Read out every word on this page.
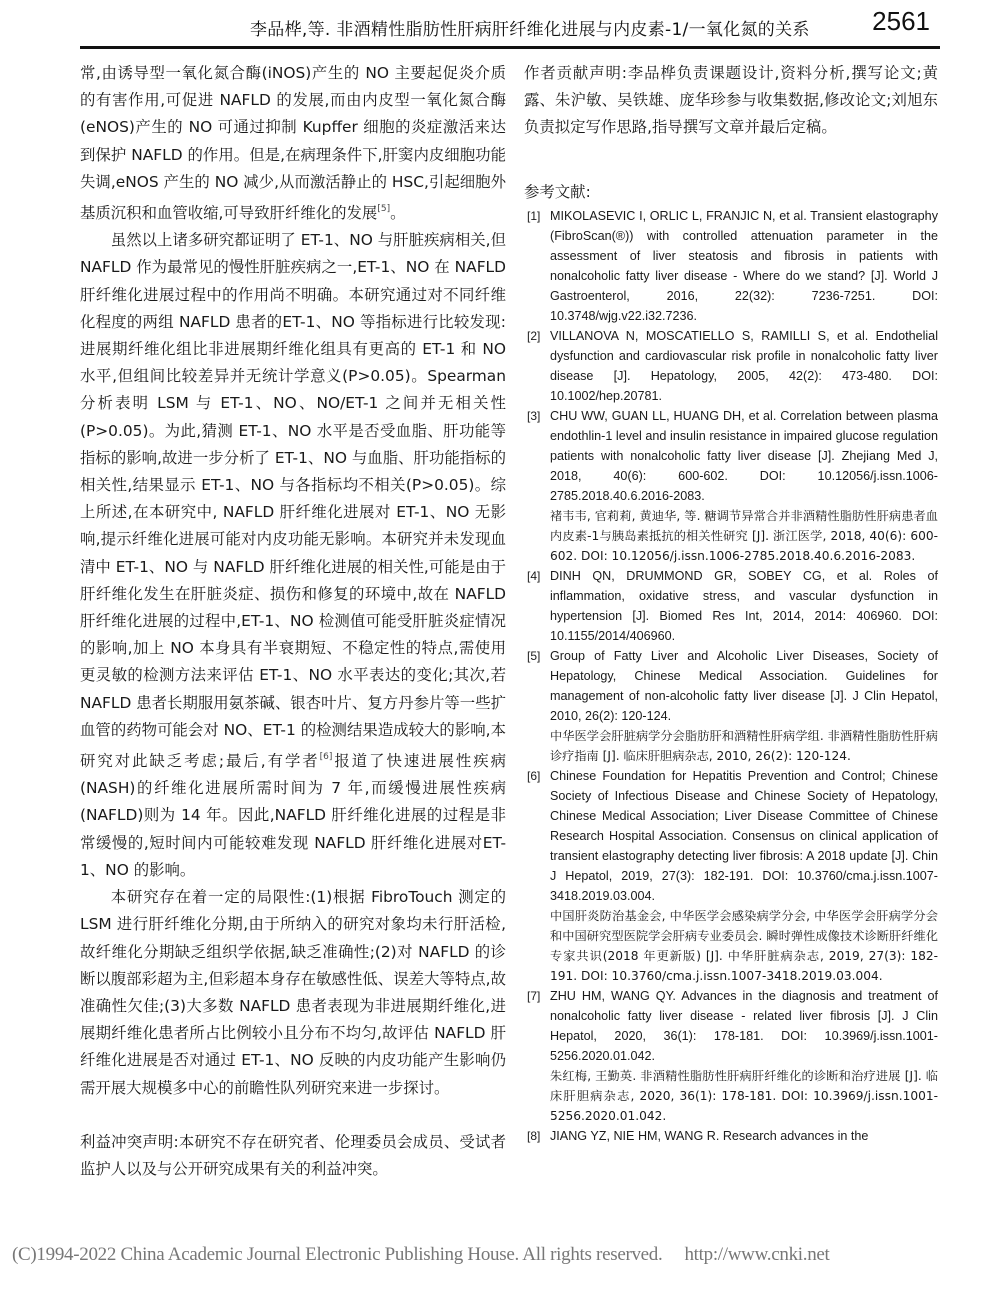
李品桦,等. 非酒精性脂肪性肝病肝纤维化进展与内皮素-1/一氧化氮的关系 2561

常,由诱导型一氧化氮合酶(iNOS)产生的 NO 主要起促炎介质的有害作用,可促进 NAFLD 的发展,而由内皮型一氧化氮合酶(eNOS)产生的 NO 可通过抑制 Kupffer 细胞的炎症激活来达到保护 NAFLD 的作用。但是,在病理条件下,肝窦内皮细胞功能失调,eNOS 产生的 NO 减少,从而激活静止的 HSC,引起细胞外基质沉积和血管收缩,可导致肝纤维化的发展[5]。

虽然以上诸多研究都证明了 ET-1、NO 与肝脏疾病相关,但 NAFLD 作为最常见的慢性肝脏疾病之一,ET-1、NO 在 NAFLD 肝纤维化进展过程中的作用尚不明确。本研究通过对不同纤维化程度的两组 NAFLD 患者的ET-1、NO 等指标进行比较发现:进展期纤维化组比非进展期纤维化组具有更高的 ET-1 和 NO 水平,但组间比较差异并无统计学意义(P>0.05)。Spearman 分析表明 LSM 与 ET-1、NO、NO/ET-1 之间并无相关性(P>0.05)。为此,猜测 ET-1、NO 水平是否受血脂、肝功能等指标的影响,故进一步分析了 ET-1、NO 与血脂、肝功能指标的相关性,结果显示 ET-1、NO 与各指标均不相关(P>0.05)。综上所述,在本研究中, NAFLD 肝纤维化进展对 ET-1、NO 无影响,提示纤维化进展可能对内皮功能无影响。本研究并未发现血清中 ET-1、NO 与 NAFLD 肝纤维化进展的相关性,可能是由于肝纤维化发生在肝脏炎症、损伤和修复的环境中,故在 NAFLD 肝纤维化进展的过程中,ET-1、NO 检测值可能受肝脏炎症情况的影响,加上 NO 本身具有半衰期短、不稳定性的特点,需使用更灵敏的检测方法来评估 ET-1、NO 水平表达的变化;其次,若 NAFLD 患者长期服用氨茶碱、银杏叶片、复方丹参片等一些扩血管的药物可能会对 NO、ET-1 的检测结果造成较大的影响,本研究对此缺乏考虑;最后,有学者[6]报道了快速进展性疾病(NASH)的纤维化进展所需时间为 7 年,而缓慢进展性疾病(NAFLD)则为 14 年。因此,NAFLD 肝纤维化进展的过程是非常缓慢的,短时间内可能较难发现 NAFLD 肝纤维化进展对ET-1、NO 的影响。

本研究存在着一定的局限性:(1)根据 FibroTouch 测定的 LSM 进行肝纤维化分期,由于所纳入的研究对象均未行肝活检,故纤维化分期缺乏组织学依据,缺乏准确性;(2)对 NAFLD 的诊断以腹部彩超为主,但彩超本身存在敏感性低、误差大等特点,故准确性欠佳;(3)大多数 NAFLD 患者表现为非进展期纤维化,进展期纤维化患者所占比例较小且分布不均匀,故评估 NAFLD 肝纤维化进展是否对通过 ET-1、NO 反映的内皮功能产生影响仍需开展大规模多中心的前瞻性队列研究来进一步探讨。

利益冲突声明:本研究不存在研究者、伦理委员会成员、受试者监护人以及与公开研究成果有关的利益冲突。

作者贡献声明:李品桦负责课题设计,资料分析,撰写论文;黄露、朱沪敏、吴铁雄、庞华珍参与收集数据,修改论文;刘旭东负责拟定写作思路,指导撰写文章并最后定稿。

参考文献:
[1] MIKOLASEVIC I, ORLIC L, FRANJIC N, et al. Transient elastography (FibroScan(®)) with controlled attenuation parameter in the assessment of liver steatosis and fibrosis in patients with nonalcoholic fatty liver disease - Where do we stand? [J]. World J Gastroenterol, 2016, 22(32): 7236-7251. DOI: 10.3748/wjg.v22.i32.7236.
[2] VILLANOVA N, MOSCATIELLO S, RAMILLI S, et al. Endothelial dysfunction and cardiovascular risk profile in nonalcoholic fatty liver disease [J]. Hepatology, 2005, 42(2): 473-480. DOI: 10.1002/hep.20781.
[3] CHU WW, GUAN LL, HUANG DH, et al. Correlation between plasma endothlin-1 level and insulin resistance in impaired glucose regulation patients with nonalcoholic fatty liver disease [J]. Zhejiang Med J, 2018, 40(6): 600-602. DOI: 10.12056/j.issn.1006-2785.2018.40.6.2016-2083.
褚韦韦, 官莉莉, 黄迪华, 等. 糖调节异常合并非酒精性脂肪性肝病患者血内皮素-1与胰岛素抵抗的相关性研究 [J]. 浙江医学, 2018, 40(6): 600-602. DOI: 10.12056/j.issn.1006-2785.2018.40.6.2016-2083.
[4] DINH QN, DRUMMOND GR, SOBEY CG, et al. Roles of inflammation, oxidative stress, and vascular dysfunction in hypertension [J]. Biomed Res Int, 2014, 2014: 406960. DOI: 10.1155/2014/406960.
[5] Group of Fatty Liver and Alcoholic Liver Diseases, Society of Hepatology, Chinese Medical Association. Guidelines for management of non-alcoholic fatty liver disease [J]. J Clin Hepatol, 2010, 26(2): 120-124.
中华医学会肝脏病学分会脂肪肝和酒精性肝病学组. 非酒精性脂肪性肝病诊疗指南 [J]. 临床肝胆病杂志, 2010, 26(2): 120-124.
[6] Chinese Foundation for Hepatitis Prevention and Control; Chinese Society of Infectious Disease and Chinese Society of Hepatology, Chinese Medical Association; Liver Disease Committee of Chinese Research Hospital Association. Consensus on clinical application of transient elastography detecting liver fibrosis: A 2018 update [J]. Chin J Hepatol, 2019, 27(3): 182-191. DOI: 10.3760/cma.j.issn.1007-3418.2019.03.004.
中国肝炎防治基金会, 中华医学会感染病学分会, 中华医学会肝病学分会和中国研究型医院学会肝病专业委员会. 瞬时弹性成像技术诊断肝纤维化专家共识(2018 年更新版) [J]. 中华肝脏病杂志, 2019, 27(3): 182-191. DOI: 10.3760/cma.j.issn.1007-3418.2019.03.004.
[7] ZHU HM, WANG QY. Advances in the diagnosis and treatment of nonalcoholic fatty liver disease - related liver fibrosis [J]. J Clin Hepatol, 2020, 36(1): 178-181. DOI: 10.3969/j.issn.1001-5256.2020.01.042.
朱红梅, 王勤英. 非酒精性脂肪性肝病肝纤维化的诊断和治疗进展 [J]. 临床肝胆病杂志, 2020, 36(1): 178-181. DOI: 10.3969/j.issn.1001-5256.2020.01.042.
[8] JIANG YZ, NIE HM, WANG R. Research advances in the
(C)1994-2022 China Academic Journal Electronic Publishing House. All rights reserved. http://www.cnki.net
